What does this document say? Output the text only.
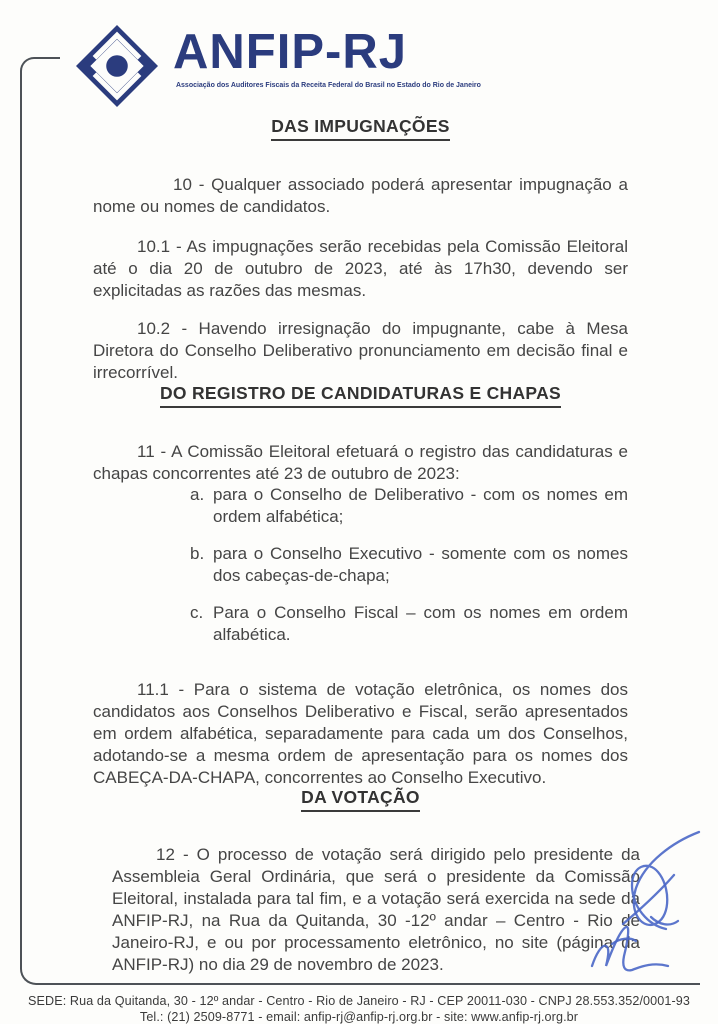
ANFIP-RJ
Associação dos Auditores Fiscais da Receita Federal do Brasil no Estado do Rio de Janeiro
DAS IMPUGNAÇÕES

10 - Qualquer associado poderá apresentar impugnação a nome ou nomes de candidatos.

10.1 - As impugnações serão recebidas pela Comissão Eleitoral até o dia 20 de outubro de 2023, até às 17h30, devendo ser explicitadas as razões das mesmas.

10.2 - Havendo irresignação do impugnante, cabe à Mesa Diretora do Conselho Deliberativo pronunciamento em decisão final e irrecorrível.

DO REGISTRO DE CANDIDATURAS E CHAPAS

11 - A Comissão Eleitoral efetuará o registro das candidaturas e chapas concorrentes até 23 de outubro de 2023:

a. para o Conselho de Deliberativo - com os nomes em ordem alfabética;
b. para o Conselho Executivo - somente com os nomes dos cabeças-de-chapa;
c. Para o Conselho Fiscal – com os nomes em ordem alfabética.

11.1 - Para o sistema de votação eletrônica, os nomes dos candidatos aos Conselhos Deliberativo e Fiscal, serão apresentados em ordem alfabética, separadamente para cada um dos Conselhos, adotando-se a mesma ordem de apresentação para os nomes dos CABEÇA-DA-CHAPA, concorrentes ao Conselho Executivo.

DA VOTAÇÃO

12 - O processo de votação será dirigido pelo presidente da Assembleia Geral Ordinária, que será o presidente da Comissão Eleitoral, instalada para tal fim, e a votação será exercida na sede da ANFIP-RJ, na Rua da Quitanda, 30 -12º andar – Centro - Rio de Janeiro-RJ, e ou por processamento eletrônico, no site (página da ANFIP-RJ) no dia 29 de novembro de 2023.

SEDE: Rua da Quitanda, 30 - 12º andar - Centro - Rio de Janeiro - RJ - CEP 20011-030 - CNPJ 28.553.352/0001-93
Tel.: (21) 2509-8771 - email: anfip-rj@anfip-rj.org.br - site: www.anfip-rj.org.br
